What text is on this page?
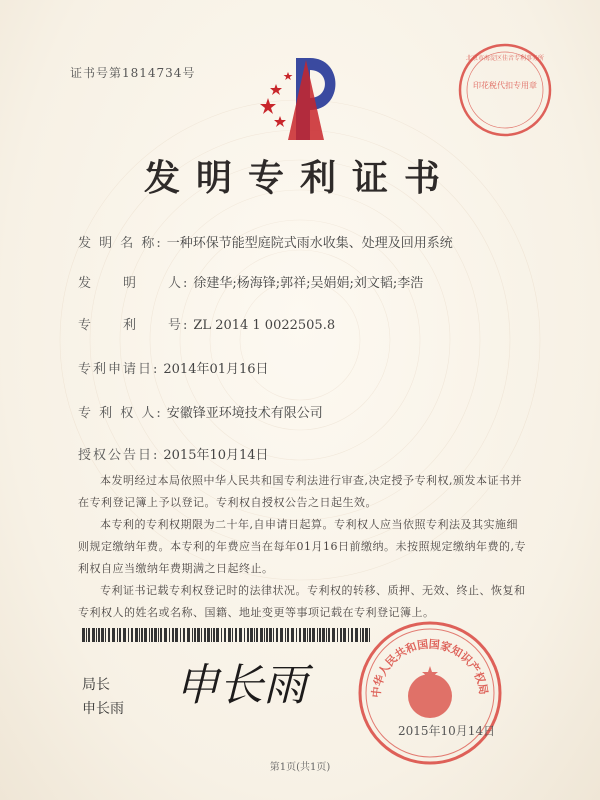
证书号第1814734号
印花税代扣专用章
北京市海淀区佳音专利事务所
发明专利证书
发 明 名 称: 一种环保节能型庭院式雨水收集、处理及回用系统
发　　明　　人: 徐建华;杨海锋;郭祥;吴娟娟;刘文韬;李浩
专　　利　　号: ZL 2014 1 0022505.8
专利申请日: 2014年01月16日
专 利 权 人: 安徽锋亚环境技术有限公司
授权公告日: 2015年10月14日

本发明经过本局依照中华人民共和国专利法进行审查,决定授予专利权,颁发本证书并在专利登记簿上予以登记。专利权自授权公告之日起生效。

本专利的专利权期限为二十年,自申请日起算。专利权人应当依照专利法及其实施细则规定缴纳年费。本专利的年费应当在每年01月16日前缴纳。未按照规定缴纳年费的,专利权自应当缴纳年费期满之日起终止。

专利证书记载专利权登记时的法律状况。专利权的转移、质押、无效、终止、恢复和专利权人的姓名或名称、国籍、地址变更等事项记载在专利登记簿上。

局长
申长雨 申长雨	中华人民共和国国家知识产权局
2015年10月14日
第1页(共1页)
